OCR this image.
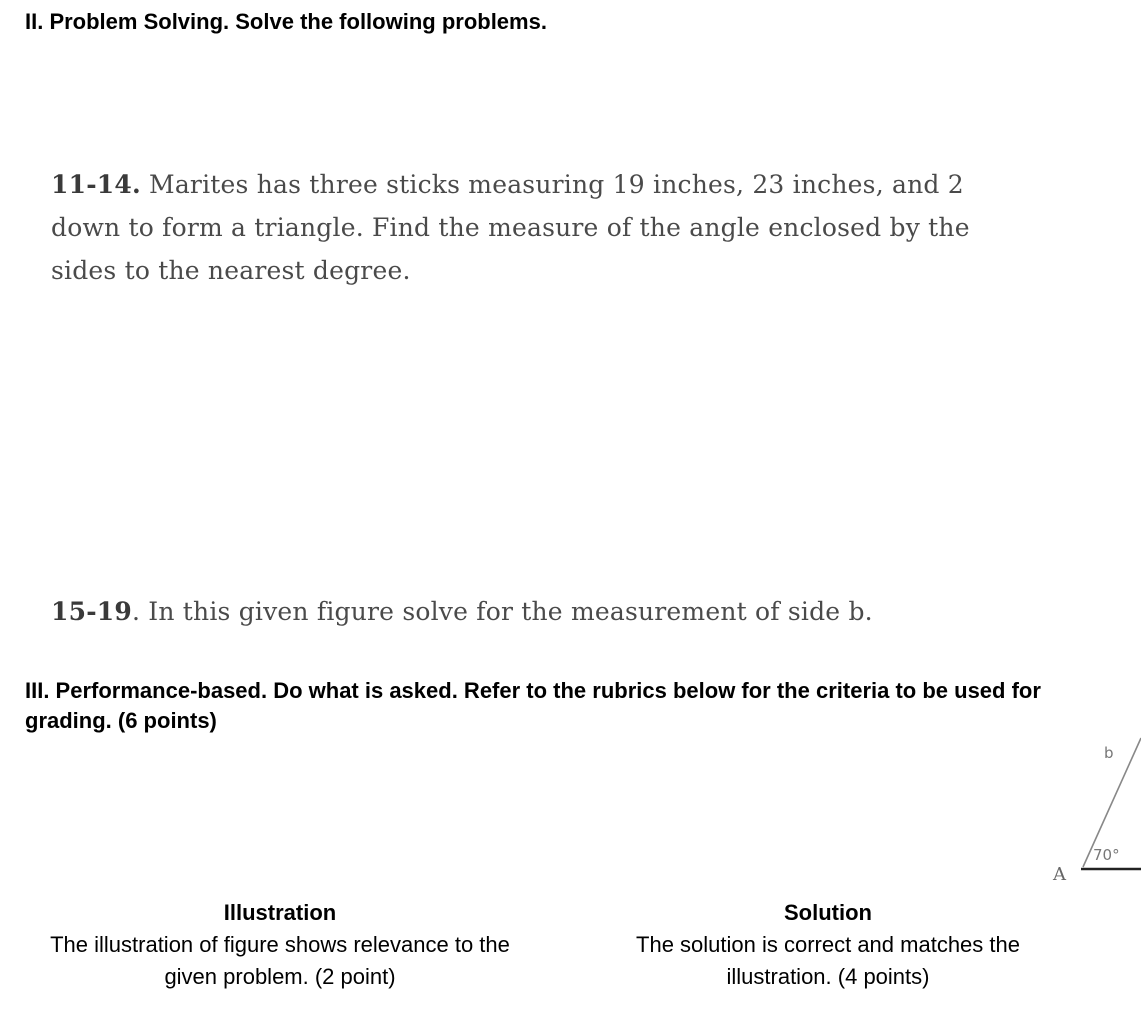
II. Problem Solving. Solve the following problems.
11-14. Marites has three sticks measuring 19 inches, 23 inches, and 2
down to form a triangle. Find the measure of the angle enclosed by the
sides to the nearest degree.
15-19. In this given figure solve for the measurement of side b.
III. Performance-based. Do what is asked. Refer to the rubrics below for the criteria to be used for grading. (6 points)
b
70°
A
Illustration
The illustration of figure shows relevance to the given problem. (2 point)
Solution
The solution is correct and matches the illustration. (4 points)
